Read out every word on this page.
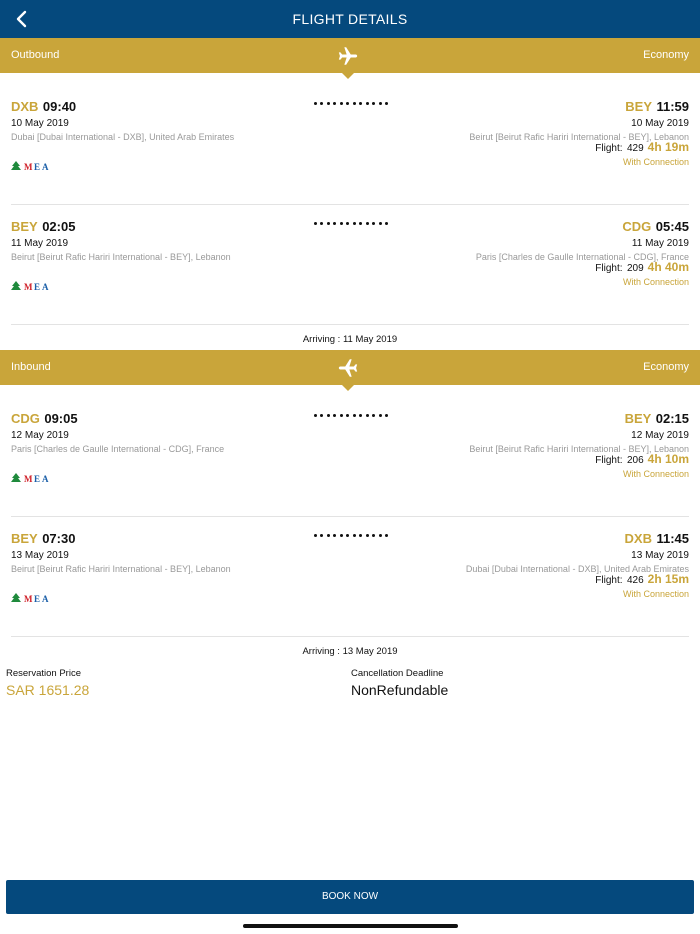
FLIGHT DETAILS
Outbound	Economy
DXB 09:40
10 May 2019
Dubai [Dubai International - DXB], United Arab Emirates
BEY 11:59
10 May 2019
Beirut [Beirut Rafic Hariri International - BEY], Lebanon
M E A
Flight: 429 4h 19m
With Connection
BEY 02:05
11 May 2019
Beirut [Beirut Rafic Hariri International - BEY], Lebanon
CDG 05:45
11 May 2019
Paris [Charles de Gaulle International - CDG], France
M E A
Flight: 209 4h 40m
With Connection
Arriving : 11 May 2019
Inbound	Economy
CDG 09:05
12 May 2019
Paris [Charles de Gaulle International - CDG], France
BEY 02:15
12 May 2019
Beirut [Beirut Rafic Hariri International - BEY], Lebanon
M E A
Flight: 206 4h 10m
With Connection
BEY 07:30
13 May 2019
Beirut [Beirut Rafic Hariri International - BEY], Lebanon
DXB 11:45
13 May 2019
Dubai [Dubai International - DXB], United Arab Emirates
M E A
Flight: 426 2h 15m
With Connection
Arriving : 13 May 2019
Reservation Price
SAR 1651.28
Cancellation Deadline
NonRefundable
BOOK NOW
